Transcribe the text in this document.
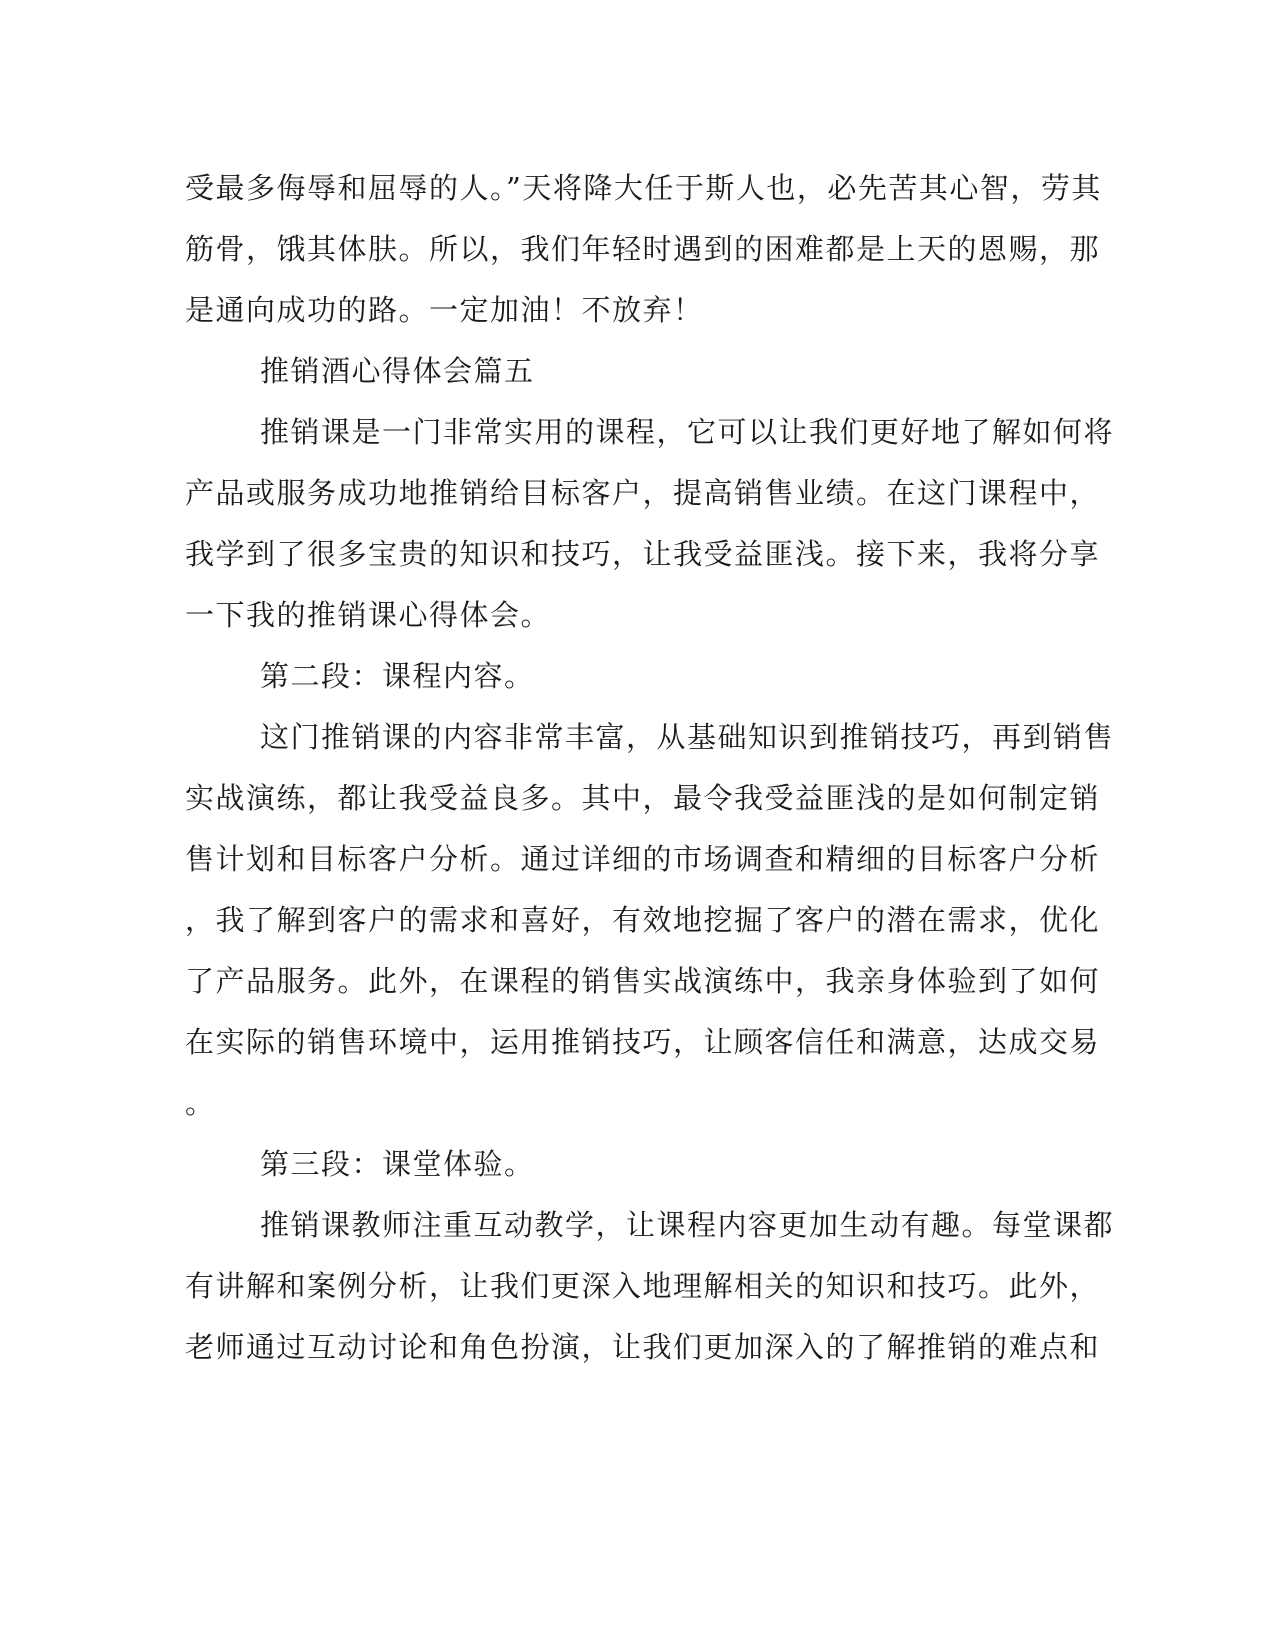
受最多侮辱和屈辱的人。”天将降大任于斯人也，必先苦其心智，劳其
筋骨，饿其体肤。所以，我们年轻时遇到的困难都是上天的恩赐，那
是通向成功的路。一定加油！不放弃！
推销酒心得体会篇五
推销课是一门非常实用的课程，它可以让我们更好地了解如何将
产品或服务成功地推销给目标客户，提高销售业绩。在这门课程中，
我学到了很多宝贵的知识和技巧，让我受益匪浅。接下来，我将分享
一下我的推销课心得体会。
第二段：课程内容。
这门推销课的内容非常丰富，从基础知识到推销技巧，再到销售
实战演练，都让我受益良多。其中，最令我受益匪浅的是如何制定销
售计划和目标客户分析。通过详细的市场调查和精细的目标客户分析
，我了解到客户的需求和喜好，有效地挖掘了客户的潜在需求，优化
了产品服务。此外，在课程的销售实战演练中，我亲身体验到了如何
在实际的销售环境中，运用推销技巧，让顾客信任和满意，达成交易
。
第三段：课堂体验。
推销课教师注重互动教学，让课程内容更加生动有趣。每堂课都
有讲解和案例分析，让我们更深入地理解相关的知识和技巧。此外，
老师通过互动讨论和角色扮演，让我们更加深入的了解推销的难点和
